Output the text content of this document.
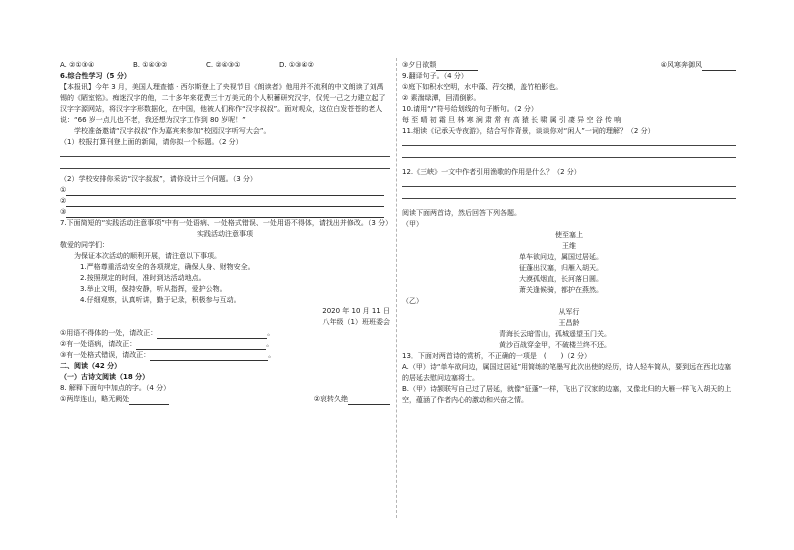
A. ②①③④	B. ①④③②	C. ②④③①	D. ①③④②
6.综合性学习（5 分）
【本报讯】今年 3 月，美国人理查德 · 西尔斯登上了央视节目《朗读者》他用并不流利的中文朗读了刘禹锡的《陋室铭》。痴迷汉字的他，二十多年来花费三十万美元的个人积蓄研究汉字，仅凭一己之力建立起了汉字字源网站，将汉字字形数据化，在中国，他被人们称作“汉字叔叔”。面对观众，这位白发苍苍的老人说：“66 岁一点儿也不老，我还想为汉字工作到 80 岁呢！”
学校准备邀请“汉字叔叔”作为嘉宾来参加“校园汉字听写大会”。
（1）校报打算刊登上面的新闻，请你拟一个标题。（2 分）
（2）学校安排你采访“汉字叔叔”，请你设计三个问题。（3 分）
①
②
③
7.下面简短的“实践活动注意事项”中有一处语病、一处格式错误、一处用语不得体，请找出并修改。（3 分）
实践活动注意事项
敬爱的同学们：
为保证本次活动的顺利开展，请注意以下事项。
1.严格尊重活动安全的各项规定，确保人身、财物安全。
2.按照规定的时间，准时到达活动地点。
3.举止文明，保持安静，听从指挥，爱护公物。
4.仔细观察，认真听讲，勤于记录，积极参与互动。
2020 年 10 月 11 日
八年级（1）班班委会
①用语不得体的一处，请改正：	。
②有一处语病，请改正：	。
③有一处格式错误，请改正：	。
二、阅读（42 分）
（一）古诗文阅读（18 分）
8. 解释下面句中加点的字。（4 分）
①两岸连山，略无阙处	②哀转久绝
③夕日欲颓	④风寒奔御风
9.翻译句子。（4 分）
①庭下如积水空明，水中藻、荇交横，盖竹柏影也。
② 素湍绿潭，回清倒影。
10.请用“/”符号给划线的句子断句。（2 分）
每 至 晴 初 霜 旦 林 寒 涧 肃 常 有 高 猿 长 啸 属 引 凄 异 空 谷 传 响
11.细读《记承天寺夜游》，结合写作背景，谈谈你对“闲人”一词的理解？（2 分）
12.《三峡》一文中作者引用渔歌的作用是什么？（2 分）
阅读下面两首诗，然后回答下列各题。
（甲）
使至塞上
王维
单车欲问边，属国过居延。
征蓬出汉塞，归雁入胡天。
大漠孤烟直，长河落日圆。
萧关逢候骑，都护在燕然。
（乙）
从军行
王昌龄
青海长云暗雪山，孤城遥望玉门关。
黄沙百战穿金甲，不破楼兰终不还。
13．下面对两首诗的赏析，不正确的一项是　(　　)（2 分）
A.（甲）诗“单车欲问边，属国过居延”用简练的笔墨写此次出使的经历，诗人轻车简从，要到远在西北边塞的居延去慰问边塞将士。
B.（甲）诗颔联写自己过了居延，就像“征蓬”一样，飞出了汉家的边塞，又像北归的大雁一样飞入胡天的上空，蕴涵了作者内心的激动和兴奋之情。
